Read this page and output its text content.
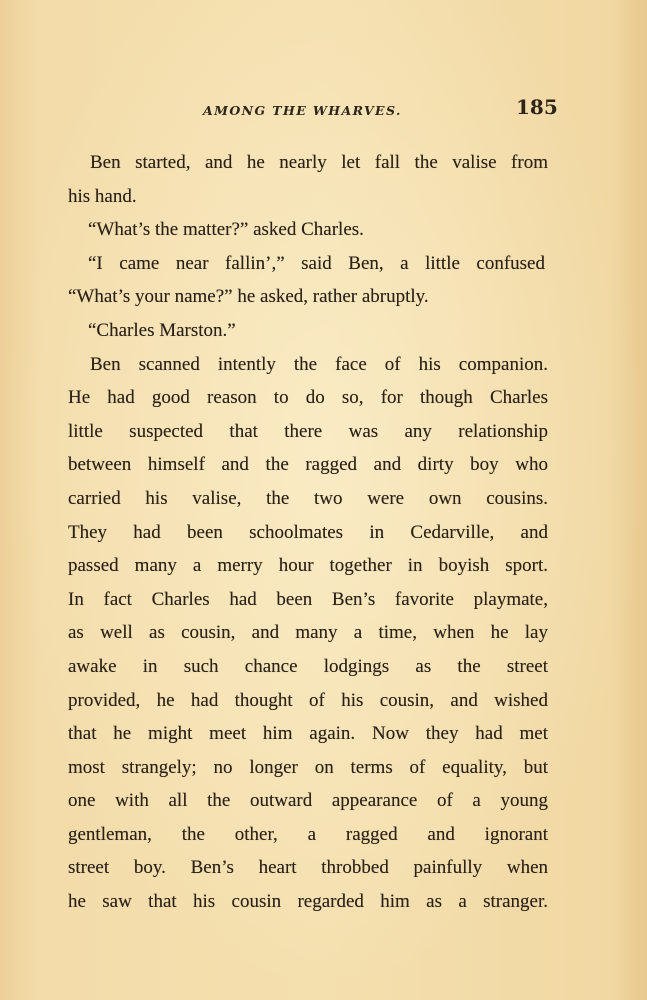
AMONG THE WHARVES.	185
Ben started, and he nearly let fall the valise from
his hand.
“What’s the matter?” asked Charles.
“I came near fallin’,” said Ben, a little confused
“What’s your name?” he asked, rather abruptly.
“Charles Marston.”
Ben scanned intently the face of his companion.
He had good reason to do so, for though Charles
little suspected that there was any relationship
between himself and the ragged and dirty boy who
carried his valise, the two were own cousins.
They had been schoolmates in Cedarville, and
passed many a merry hour together in boyish sport.
In fact Charles had been Ben’s favorite playmate,
as well as cousin, and many a time, when he lay
awake in such chance lodgings as the street
provided, he had thought of his cousin, and wished
that he might meet him again. Now they had met
most strangely; no longer on terms of equality, but
one with all the outward appearance of a young
gentleman, the other, a ragged and ignorant
street boy. Ben’s heart throbbed painfully when
he saw that his cousin regarded him as a stranger.
